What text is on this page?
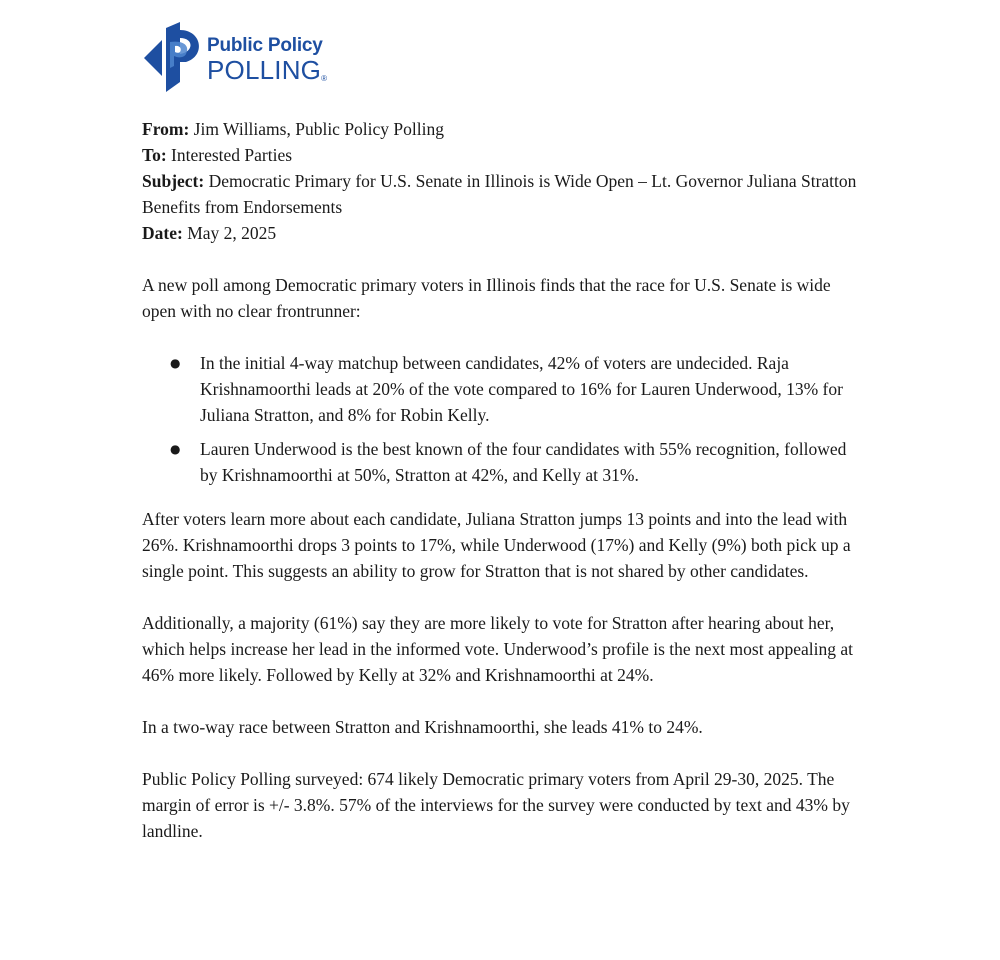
Public Policy
POLLING®

From: Jim Williams, Public Policy Polling

To: Interested Parties

Subject: Democratic Primary for U.S. Senate in Illinois is Wide Open – Lt. Governor Juliana Stratton Benefits from Endorsements

Date: May 2, 2025

A new poll among Democratic primary voters in Illinois finds that the race for U.S. Senate is wide open with no clear frontrunner:

● In the initial 4-way matchup between candidates, 42% of voters are undecided. Raja Krishnamoorthi leads at 20% of the vote compared to 16% for Lauren Underwood, 13% for Juliana Stratton, and 8% for Robin Kelly.
● Lauren Underwood is the best known of the four candidates with 55% recognition, followed by Krishnamoorthi at 50%, Stratton at 42%, and Kelly at 31%.

After voters learn more about each candidate, Juliana Stratton jumps 13 points and into the lead with 26%. Krishnamoorthi drops 3 points to 17%, while Underwood (17%) and Kelly (9%) both pick up a single point. This suggests an ability to grow for Stratton that is not shared by other candidates.

Additionally, a majority (61%) say they are more likely to vote for Stratton after hearing about her, which helps increase her lead in the informed vote. Underwood’s profile is the next most appealing at 46% more likely. Followed by Kelly at 32% and Krishnamoorthi at 24%.

In a two-way race between Stratton and Krishnamoorthi, she leads 41% to 24%.

Public Policy Polling surveyed: 674 likely Democratic primary voters from April 29-30, 2025. The margin of error is +/- 3.8%. 57% of the interviews for the survey were conducted by text and 43% by landline.
